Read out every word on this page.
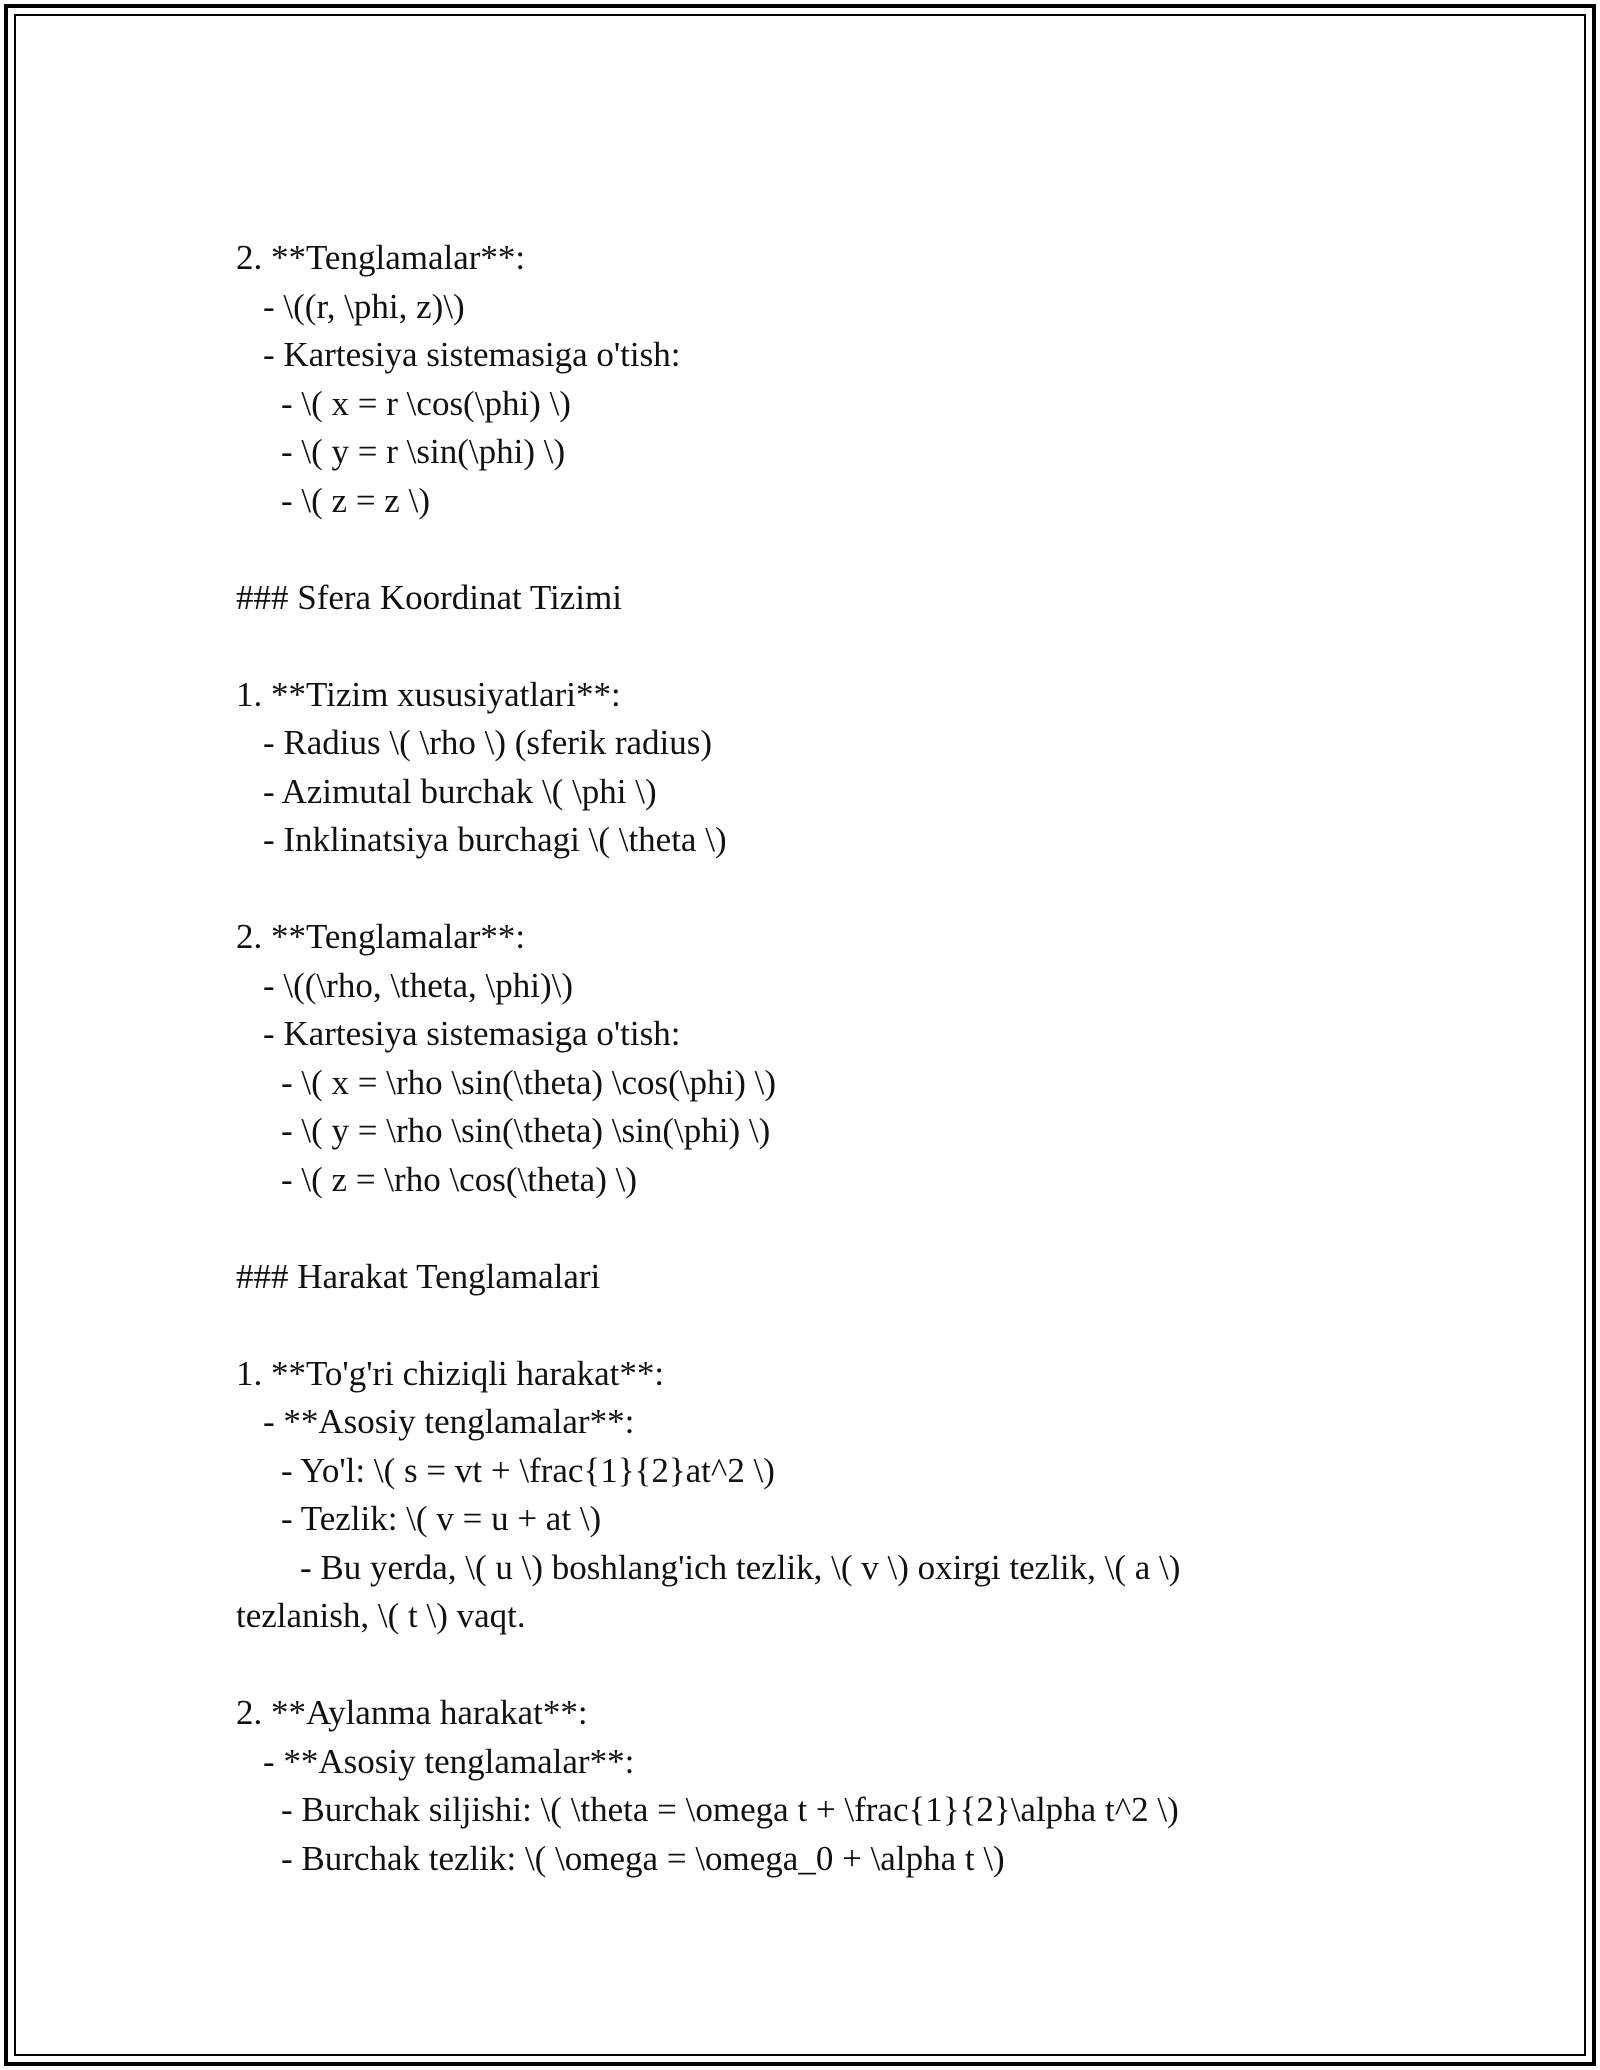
2. **Tenglamalar**:
- \((r, \phi, z)\)
- Kartesiya sistemasiga o'tish:
- \( x = r \cos(\phi) \)
- \( y = r \sin(\phi) \)
- \( z = z \)
### Sfera Koordinat Tizimi
1. **Tizim xususiyatlari**:
- Radius \( \rho \) (sferik radius)
- Azimutal burchak \( \phi \)
- Inklinatsiya burchagi \( \theta \)
2. **Tenglamalar**:
- \((\rho, \theta, \phi)\)
- Kartesiya sistemasiga o'tish:
- \( x = \rho \sin(\theta) \cos(\phi) \)
- \( y = \rho \sin(\theta) \sin(\phi) \)
- \( z = \rho \cos(\theta) \)
### Harakat Tenglamalari
1. **To'g'ri chiziqli harakat**:
- **Asosiy tenglamalar**:
- Yo'l: \( s = vt + \frac{1}{2}at^2 \)
- Tezlik: \( v = u + at \)
- Bu yerda, \( u \) boshlang'ich tezlik, \( v \) oxirgi tezlik, \( a \)
tezlanish, \( t \) vaqt.
2. **Aylanma harakat**:
- **Asosiy tenglamalar**:
- Burchak siljishi: \( \theta = \omega t + \frac{1}{2}\alpha t^2 \)
- Burchak tezlik: \( \omega = \omega_0 + \alpha t \)
